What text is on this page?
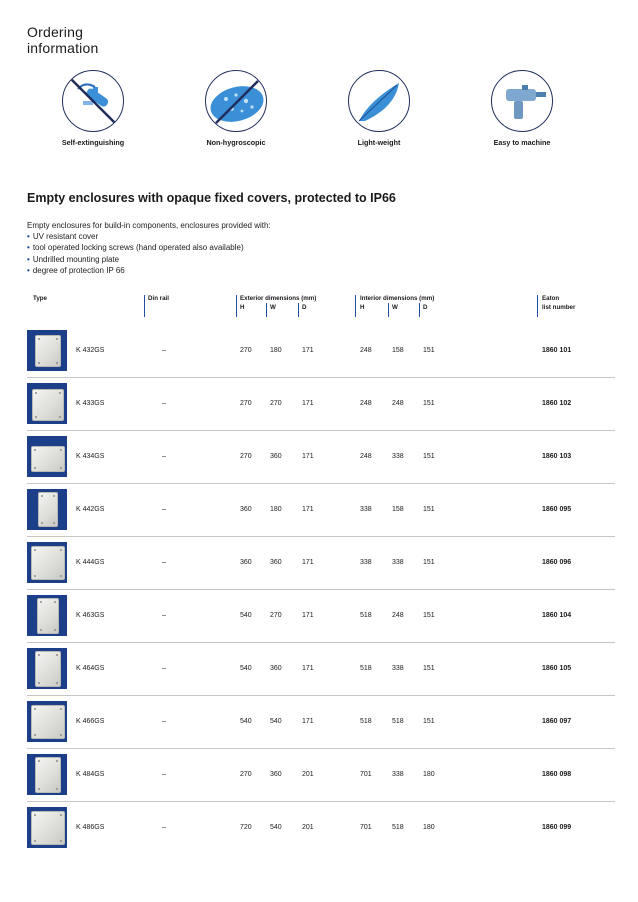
Ordering
information
Self-extinguishing	Non-hygroscopic	Light-weight	Easy to machine
Empty enclosures with opaque fixed covers, protected to IP66

Empty enclosures for build-in components, enclosures provided with:

• UV resistant cover
• tool operated locking screws (hand operated also available)
• Undrilled mounting plate
• degree of protection IP 66
Type	Din rail	Exterior dimensions (mm)
H	W	D
Interior dimensions (mm)
H	W	D
Eaton
list number
K 432GS	–	270	180	171	248	158	151	1860 101
K 433GS	–	270	270	171	248	248	151	1860 102
K 434GS	–	270	360	171	248	338	151	1860 103
K 442GS	–	360	180	171	338	158	151	1860 095
K 444GS	–	360	360	171	338	338	151	1860 096
K 463GS	–	540	270	171	518	248	151	1860 104
K 464GS	–	540	360	171	518	338	151	1860 105
K 466GS	–	540	540	171	518	518	151	1860 097
K 484GS	–	270	360	201	701	338	180	1860 098
K 486GS	–	720	540	201	701	518	180	1860 099
